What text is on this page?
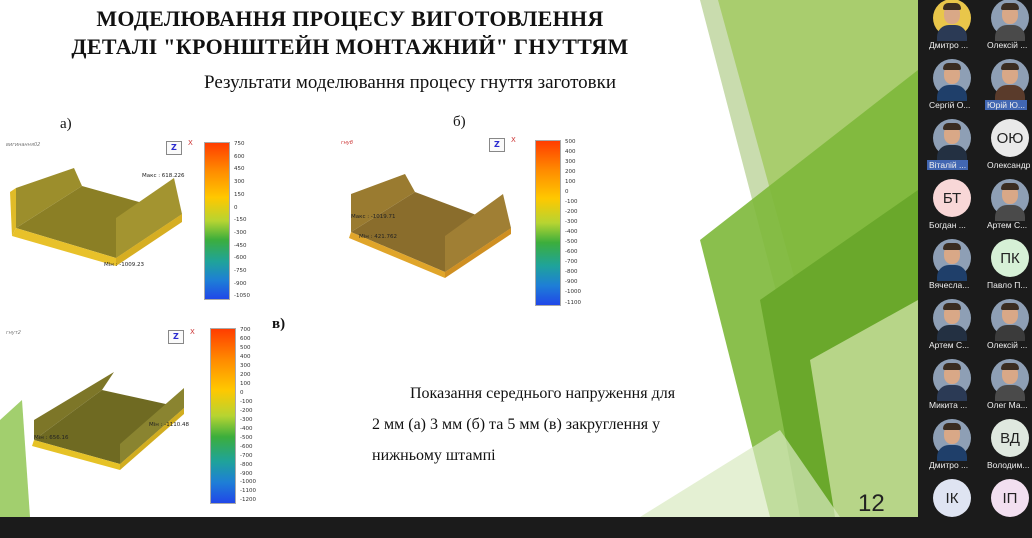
МОДЕЛЮВАННЯ ПРОЦЕСУ ВИГОТОВЛЕННЯ
ДЕТАЛІ "КРОНШТЕЙН МОНТАЖНИЙ" ГНУТТЯМ
Результати моделювання процесу гнуття заготовки
а)	б)
в)
вигинання02	Z X
Макс : 618.226
Мін : -1009.23
750
600
450
300
150
0
-150
-300
-450
-600
-750
-900
-1050
гнуб	Z X
Макс : -1019.71
Мін : 421.762
500
400
300
200
100
0
-100
-200
-300
-400
-500
-600
-700
-800
-900
-1000
-1100
гнут2	Z X
Мін : 656.16
Мін : -1110.48
700
600
500
400
300
200
100
0
-100
-200
-300
-400
-500
-600
-700
-800
-900
-1000
-1100
-1200
Показання середнього напруження для
2 мм (а) 3 мм (б) та 5 мм (в) закруглення у
нижньому штампі
12
Дмитро ... Олексій ...
Сергій О... Юрій Ю...
Віталій ...
ОЮ
Олександр
БТ
Богдан ... Артем С...
Вячесла...
ПК
Павло П...
Артем С... Олексій ...
Микита ... Олег Ма...
Дмитро ...
ВД
Володим...
ІК	ІП
